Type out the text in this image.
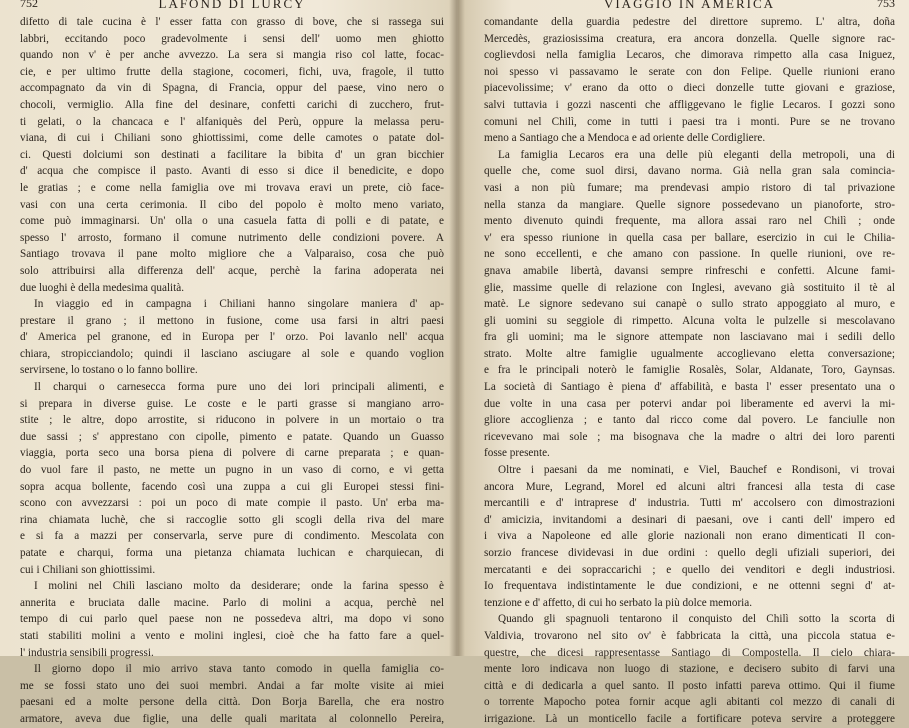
752	LAFOND DI LURCY
difetto di tale cucina è l' esser fatta con grasso di bove, che si rassega sui
labbri, eccitando poco gradevolmente i sensi dell' uomo men ghiotto
quando non v' è per anche avvezzo. La sera si mangia riso col latte, focac-
cie, e per ultimo frutte della stagione, cocomeri, fichi, uva, fragole, il tutto
accompagnato da vin di Spagna, di Francia, oppur del paese, vino nero o
chocoli, vermiglio. Alla fine del desinare, confetti carichi di zucchero, frut-
ti gelati, o la chancaca e l' alfaniquès del Perù, oppure la melassa peru-
viana, di cui i Chiliani sono ghiottissimi, come delle camotes o patate dol-
ci. Questi dolciumi son destinati a facilitare la bibita d' un gran bicchier
d' acqua che compisce il pasto. Avanti di esso si dice il benedicite, e dopo
le gratias ; e come nella famiglia ove mi trovava eravi un prete, ciò face-
vasi con una certa cerimonia. Il cibo del popolo è molto meno variato,
come può immaginarsi. Un' olla o una casuela fatta di polli e di patate, e
spesso l' arrosto, formano il comune nutrimento delle condizioni povere. A
Santiago trovava il pane molto migliore che a Valparaiso, cosa che può
solo attribuirsi alla differenza dell' acque, perchè la farina adoperata nei
due luoghi è della medesima qualità.
In viaggio ed in campagna i Chiliani hanno singolare maniera d' ap-
prestare il grano ; il mettono in fusione, come usa farsi in altri paesi
d' America pel granone, ed in Europa per l' orzo. Poi lavanlo nell' acqua
chiara, stropicciandolo; quindi il lasciano asciugare al sole e quando voglion
servirsene, lo tostano o lo fanno bollire.
Il charqui o carnesecca forma pure uno dei lori principali alimenti, e
si prepara in diverse guise. Le coste e le parti grasse si mangiano arro-
stite ; le altre, dopo arrostite, si riducono in polvere in un mortaio o tra
due sassi ; s' apprestano con cipolle, pimento e patate. Quando un Guasso
viaggia, porta seco una borsa piena di polvere di carne preparata ; e quan-
do vuol fare il pasto, ne mette un pugno in un vaso di corno, e vi getta
sopra acqua bollente, facendo così una zuppa a cui gli Europei stessi fini-
scono con avvezzarsi : poi un poco di mate compie il pasto. Un' erba ma-
rina chiamata luchè, che si raccoglie sotto gli scogli della riva del mare
e si fa a mazzi per conservarla, serve pure di condimento. Mescolata con
patate e charqui, forma una pietanza chiamata luchican e charquiecan, di
cui i Chiliani son ghiottissimi.
I molini nel Chilì lasciano molto da desiderare; onde la farina spesso è
annerita e bruciata dalle macine. Parlo di molini a acqua, perchè nel
tempo di cui parlo quel paese non ne possedeva altri, ma dopo vi sono
stati stabiliti molini a vento e molini inglesi, cioè che ha fatto fare a quel-
l' industria sensibili progressi.
Il giorno dopo il mio arrivo stava tanto comodo in quella famiglia co-
me se fossi stato uno dei suoi membri. Andai a far molte visite ai miei
paesani ed a molte persone della città. Don Borja Barella, che era nostro
armatore, aveva due figlie, una delle quali maritata al colonnello Pereira,
VIAGGIO IN AMERICA	753
comandante della guardia pedestre del direttore supremo. L' altra, doña
Mercedès, graziosissima creatura, era ancora donzella. Quelle signore rac-
coglievdosi nella famiglia Lecaros, che dimorava rimpetto alla casa Iniguez,
noi spesso vi passavamo le serate con don Felipe. Quelle riunioni erano
piacevolissime; v' erano da otto o dieci donzelle tutte giovani e graziose,
salvi tuttavia i gozzi nascenti che affliggevano le figlie Lecaros. I gozzi sono
comuni nel Chilì, come in tutti i paesi tra i monti. Pure se ne trovano
meno a Santiago che a Mendoca e ad oriente delle Cordigliere.
La famiglia Lecaros era una delle più eleganti della metropoli, una di
quelle che, come suol dirsi, davano norma. Già nella gran sala comincia-
vasi a non più fumare; ma prendevasi ampio ristoro di tal privazione
nella stanza da mangiare. Quelle signore possedevano un pianoforte, stro-
mento divenuto quindi frequente, ma allora assai raro nel Chilì ; onde
v' era spesso riunione in quella casa per ballare, esercizio in cui le Chilia-
ne sono eccellenti, e che amano con passione. In quelle riunioni, ove re-
gnava amabile libertà, davansi sempre rinfreschi e confetti. Alcune fami-
glie, massime quelle di relazione con Inglesi, avevano già sostituito il tè al
matè. Le signore sedevano sui canapè o sullo strato appoggiato al muro, e
gli uomini su seggiole di rimpetto. Alcuna volta le pulzelle si mescolavano
fra gli uomini; ma le signore attempate non lasciavano mai i sedili dello
strato. Molte altre famiglie ugualmente accoglievano eletta conversazione;
e fra le principali noterò le famiglie Rosalès, Solar, Aldanate, Toro, Gaynsas.
La società di Santiago è piena d' affabilità, e basta l' esser presentato una o
due volte in una casa per potervi andar poi liberamente ed avervi la mi-
gliore accoglienza ; e tanto dal ricco come dal povero. Le fanciulle non
ricevevano mai sole ; ma bisognava che la madre o altri dei loro parenti
fosse presente.
Oltre i paesani da me nominati, e Viel, Bauchef e Rondisoni, vi trovai
ancora Mure, Legrand, Morel ed alcuni altri francesi alla testa di case
mercantili e d' intraprese d' industria. Tutti m' accolsero con dimostrazioni
d' amicizia, invitandomi a desinari di paesani, ove i canti dell' impero ed
i viva a Napoleone ed alle glorie nazionali non erano dimenticati Il con-
sorzio francese dividevasi in due ordini : quello degli ufiziali superiori, dei
mercatanti e dei sopraccarichi ; e quello dei venditori e degli industriosi.
Io frequentava indistintamente le due condizioni, e ne ottenni segni d' at-
tenzione e d' affetto, di cui ho serbato la più dolce memoria.
Quando gli spagnuoli tentarono il conquisto del Chilì sotto la scorta di
Valdivia, trovarono nel sito ov' è fabbricata la città, una piccola statua e-
questre, che dicesi rappresentasse Santiago di Compostella. Il cielo chiara-
mente loro indicava non luogo di stazione, e decisero subito di farvi una
città e di dedicarla a quel santo. Il posto infatti pareva ottimo. Qui il fiume
o torrente Mapocho potea fornir acque agli abitanti col mezzo di canali di
irrigazione. Là un monticello facile a fortificare poteva servire a proteggere
